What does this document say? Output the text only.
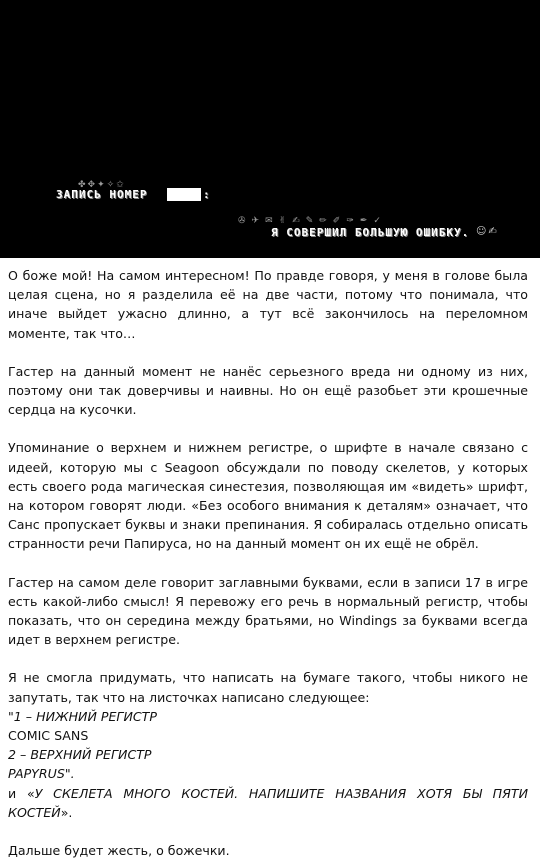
✤✥✦✧✩
ЗАПИСЬ НОМЕР	:
✇✈✉✌✍✎✏✐✑✒✓
Я СОВЕРШИЛ БОЛЬШУЮ ОШИБКУ. ☺✍

О боже мой! На самом интересном! По правде говоря, у меня в голове была целая сцена, но я разделила её на две части, потому что понимала, что иначе выйдет ужасно длинно, а тут всё закончилось на переломном моменте, так что…

Гастер на данный момент не нанёс серьезного вреда ни одному из них, поэтому они так доверчивы и наивны. Но он ещё разобьет эти крошечные сердца на кусочки.

Упоминание о верхнем и нижнем регистре, о шрифте в начале связано с идеей, которую мы с Seagoon обсуждали по поводу скелетов, у которых есть своего рода магическая синестезия, позволяющая им «видеть» шрифт, на котором говорят люди. «Без особого внимания к деталям» означает, что Санс пропускает буквы и знаки препинания. Я собиралась отдельно описать странности речи Папируса, но на данный момент он их ещё не обрёл.

Гастер на самом деле говорит заглавными буквами, если в записи 17 в игре есть какой-либо смысл! Я перевожу его речь в нормальный регистр, чтобы показать, что он середина между братьями, но Windings за буквами всегда идет в верхнем регистре.

Я не смогла придумать, что написать на бумаге такого, чтобы никого не запутать, так что на листочках написано следующее:
"1 – НИЖНИЙ РЕГИСТР
COMIC SANS
2 – ВЕРХНИЙ РЕГИСТР
PAPYRUS".
и «У СКЕЛЕТА МНОГО КОСТЕЙ. НАПИШИТЕ НАЗВАНИЯ ХОТЯ БЫ ПЯТИ КОСТЕЙ».

Дальше будет жесть, о божечки.
